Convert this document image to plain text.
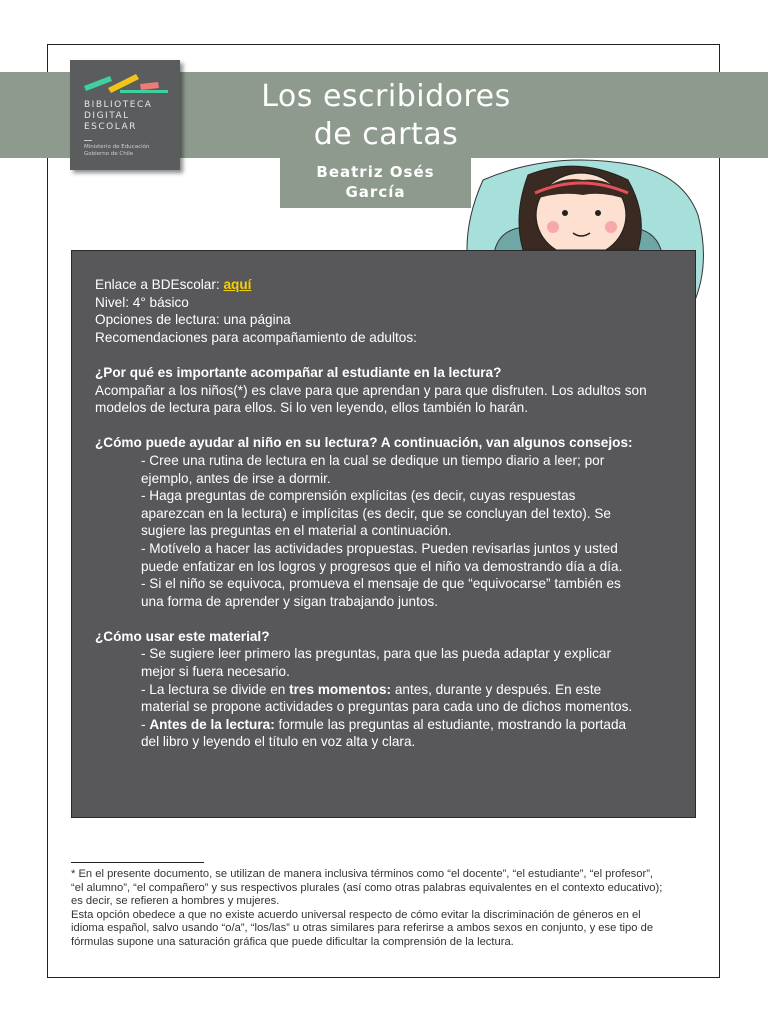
BIBLIOTECA
DIGITAL
ESCOLAR
Ministerio de Educación
Gobierno de Chile
Los escribidores
de cartas
Beatriz Osés
García

Enlace a BDEscolar: aquí

Nivel: 4° básico

Opciones de lectura: una página

Recomendaciones para acompañamiento de adultos:

¿Por qué es importante acompañar al estudiante en la lectura?

Acompañar a los niños(*) es clave para que aprendan y para que disfruten. Los adultos son

modelos de lectura para ellos. Si lo ven leyendo, ellos también lo harán.

¿Cómo puede ayudar al niño en su lectura? A continuación, van algunos consejos:

- Cree una rutina de lectura en la cual se dedique un tiempo diario a leer; por

ejemplo, antes de irse a dormir.

- Haga preguntas de comprensión explícitas (es decir, cuyas respuestas

aparezcan en la lectura) e implícitas (es decir, que se concluyan del texto). Se

sugiere las preguntas en el material a continuación.

- Motívelo a hacer las actividades propuestas. Pueden revisarlas juntos y usted

puede enfatizar en los logros y progresos que el niño va demostrando día a día.

- Si el niño se equivoca, promueva el mensaje de que “equivocarse” también es

una forma de aprender y sigan trabajando juntos.

¿Cómo usar este material?

- Se sugiere leer primero las preguntas, para que las pueda adaptar y explicar

mejor si fuera necesario.

- La lectura se divide en tres momentos: antes, durante y después. En este

material se propone actividades o preguntas para cada uno de dichos momentos.

- Antes de la lectura: formule las preguntas al estudiante, mostrando la portada

del libro y leyendo el título en voz alta y clara.

* En el presente documento, se utilizan de manera inclusiva términos como “el docente”, “el estudiante”, “el profesor”,

“el alumno”, “el compañero” y sus respectivos plurales (así como otras palabras equivalentes en el contexto educativo);

es decir, se refieren a hombres y mujeres.

Esta opción obedece a que no existe acuerdo universal respecto de cómo evitar la discriminación de géneros en el

idioma español, salvo usando “o/a”, “los/las” u otras similares para referirse a ambos sexos en conjunto, y ese tipo de

fórmulas supone una saturación gráfica que puede dificultar la comprensión de la lectura.
